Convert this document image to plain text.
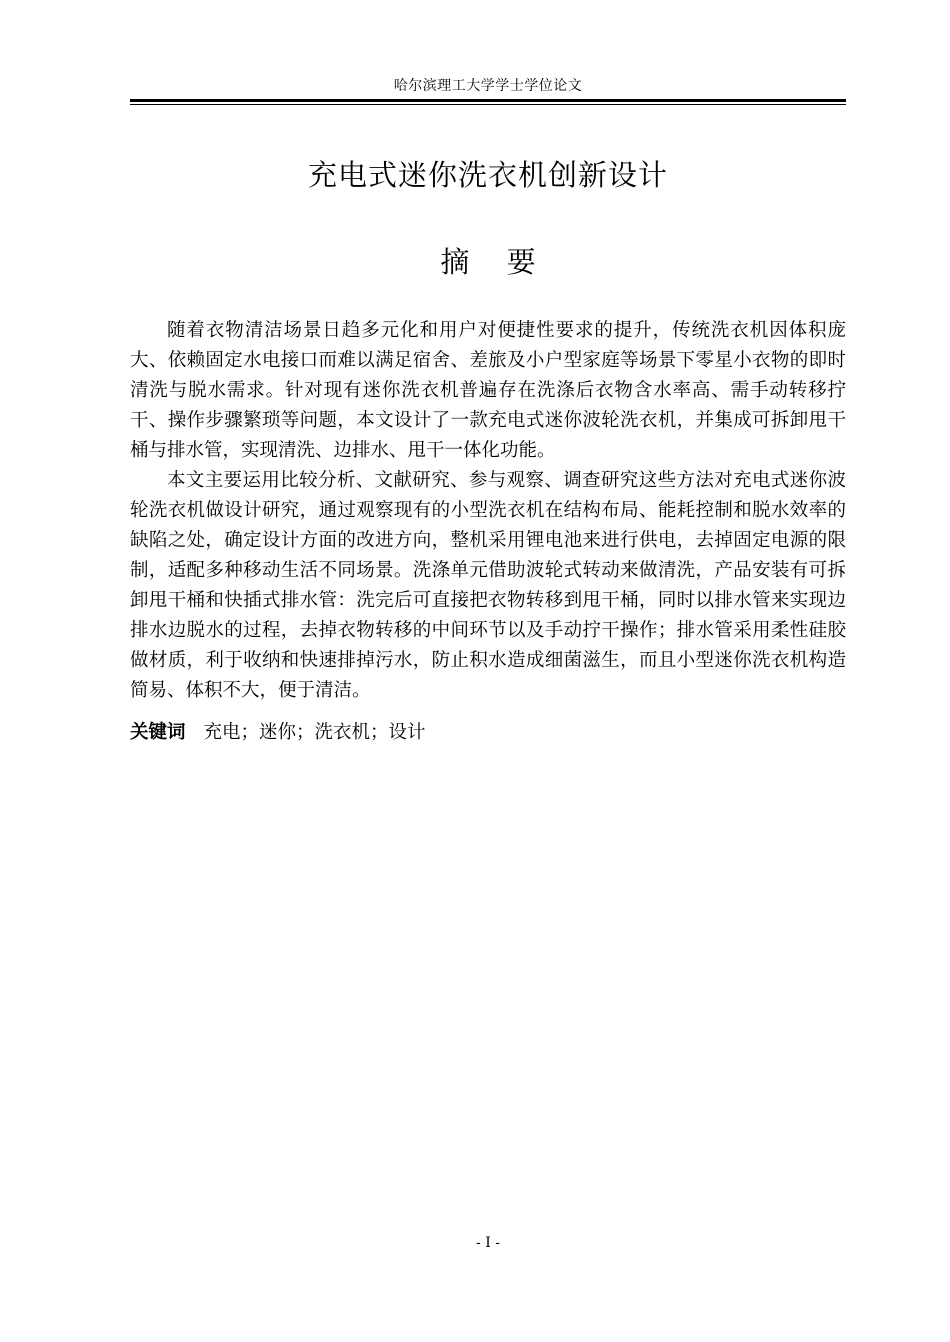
哈尔滨理工大学学士学位论文
充电式迷你洗衣机创新设计
摘 要

随着衣物清洁场景日趋多元化和用户对便捷性要求的提升，传统洗衣机因体积庞大、依赖固定水电接口而难以满足宿舍、差旅及小户型家庭等场景下零星小衣物的即时清洗与脱水需求。针对现有迷你洗衣机普遍存在洗涤后衣物含水率高、需手动转移拧干、操作步骤繁琐等问题，本文设计了一款充电式迷你波轮洗衣机，并集成可拆卸甩干桶与排水管，实现清洗、边排水、甩干一体化功能。

本文主要运用比较分析、文献研究、参与观察、调查研究这些方法对充电式迷你波轮洗衣机做设计研究，通过观察现有的小型洗衣机在结构布局、能耗控制和脱水效率的缺陷之处，确定设计方面的改进方向，整机采用锂电池来进行供电，去掉固定电源的限制，适配多种移动生活不同场景。洗涤单元借助波轮式转动来做清洗，产品安装有可拆卸甩干桶和快插式排水管：洗完后可直接把衣物转移到甩干桶，同时以排水管来实现边排水边脱水的过程，去掉衣物转移的中间环节以及手动拧干操作；排水管采用柔性硅胶做材质，利于收纳和快速排掉污水，防止积水造成细菌滋生，而且小型迷你洗衣机构造简易、体积不大，便于清洁。

关键词 充电；迷你；洗衣机；设计
- I -
